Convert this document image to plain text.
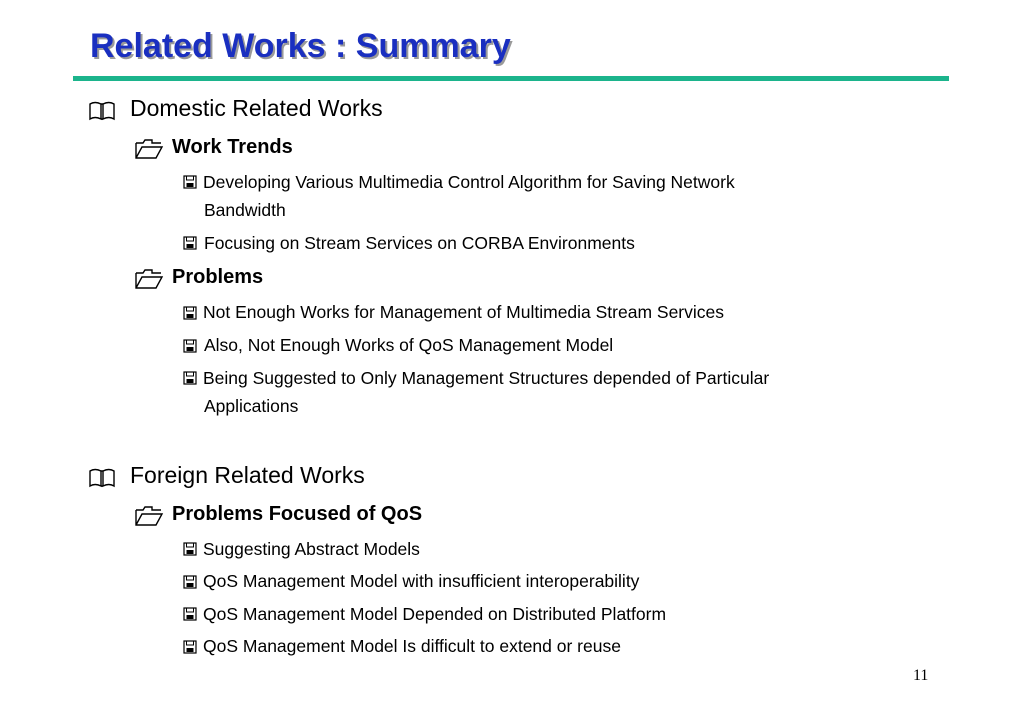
Related Works : Summary
Domestic Related Works
Work Trends
Developing Various Multimedia Control Algorithm for Saving Network
Bandwidth
Focusing on Stream Services on CORBA Environments
Problems
Not Enough Works for Management of Multimedia Stream Services
Also, Not Enough Works of QoS Management Model
Being Suggested to Only Management Structures depended of Particular
Applications
Foreign Related Works
Problems Focused of QoS
Suggesting Abstract Models
QoS Management Model with insufficient interoperability
QoS Management Model Depended on Distributed Platform
QoS Management Model Is difficult to extend or reuse
11
